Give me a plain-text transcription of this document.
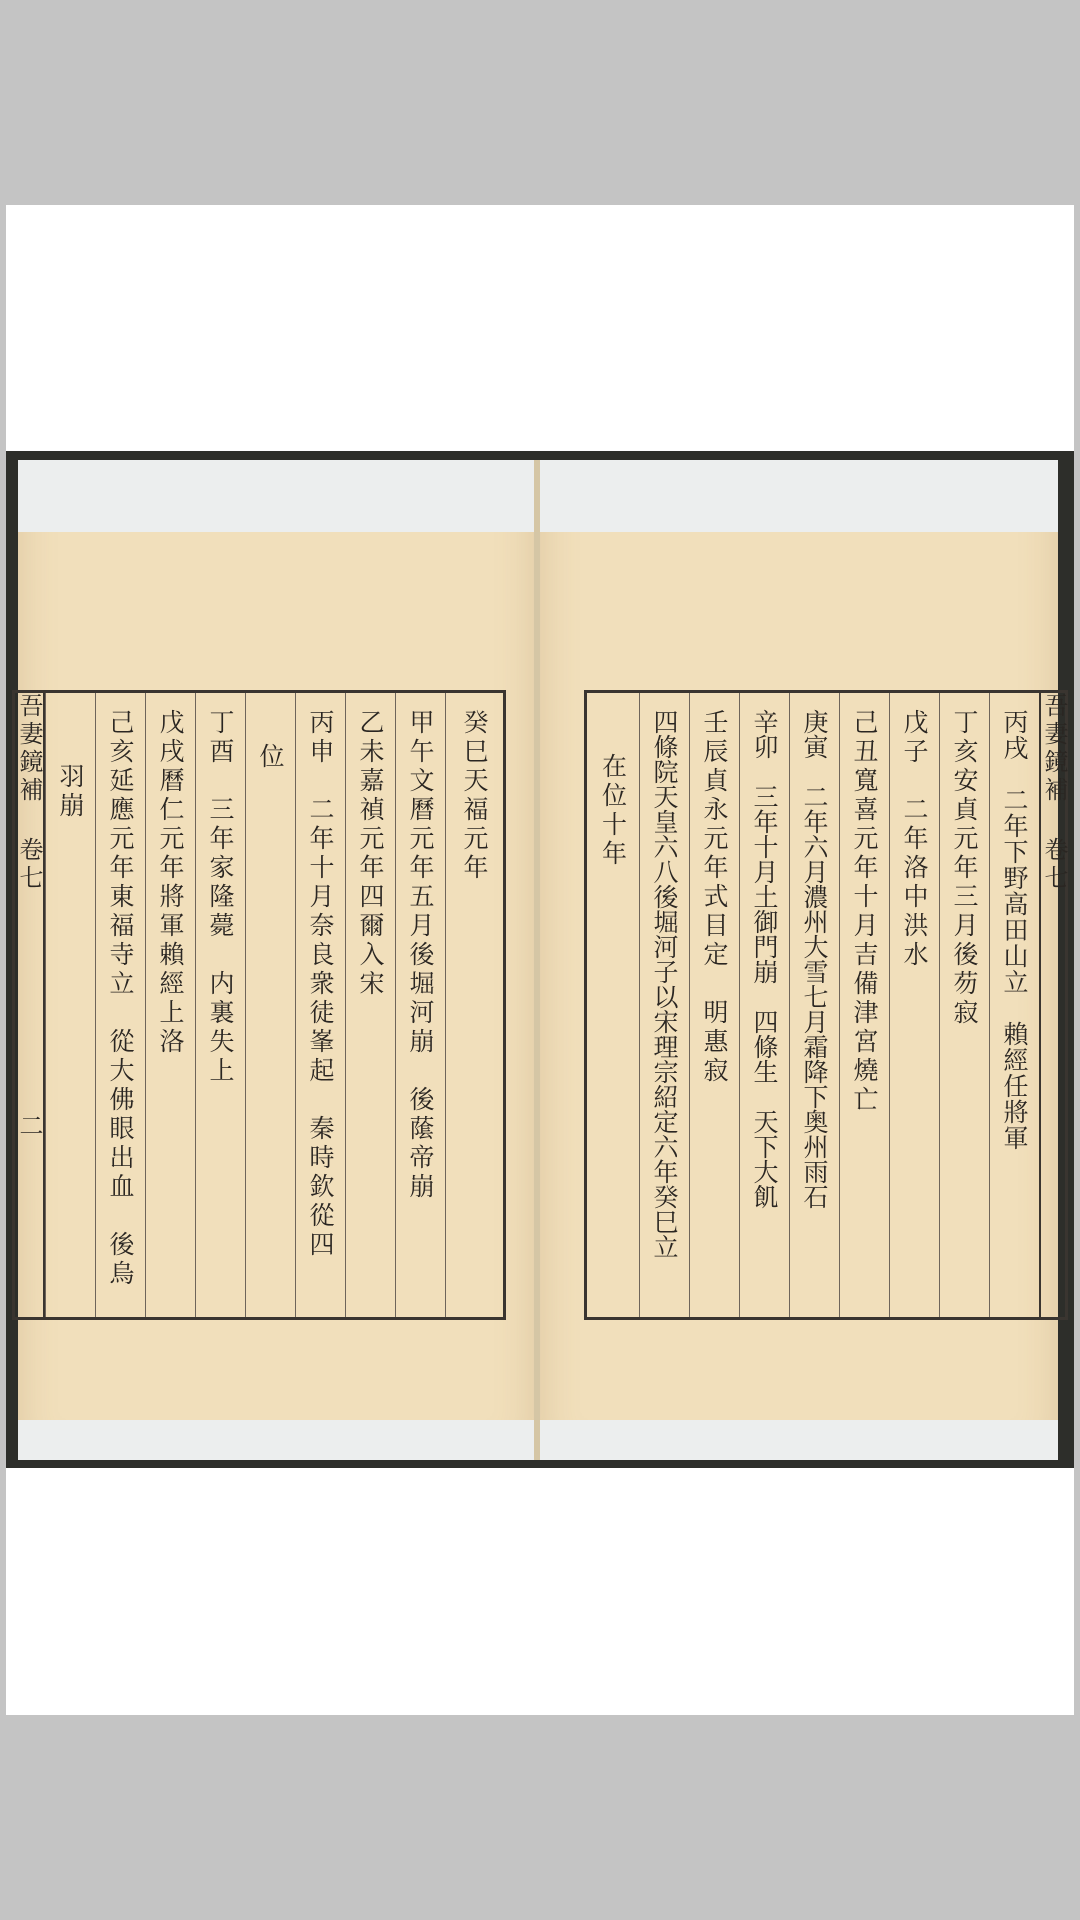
吾妻鏡補 卷七
二
羽崩 己亥延應元年東福寺立　從大佛眼出血　後烏 戊戌曆仁元年將軍賴經上洛 丁酉　三年家隆薨　内裏失上 位 丙申　二年十月奈良衆徒峯起　秦時欽從四 乙未嘉禎元年四爾入宋 甲午文曆元年五月後堀河崩　後䕃帝崩 癸巳天福元年	在位十年 四條院天皇六八後堀河子以宋理宗紹定六年癸巳立 壬辰貞永元年式目定　明惠寂 辛卯　三年十月土御門崩　四條生　天下大飢 庚寅　二年六月濃州大雪七月霜降下奥州雨石 己丑寬喜元年十月吉備津宮燒亡 戊子　二年洛中洪水 丁亥安貞元年三月後芴寂 丙戌　二年下野高田山立　賴經任將軍 吾妻鏡補 卷七
